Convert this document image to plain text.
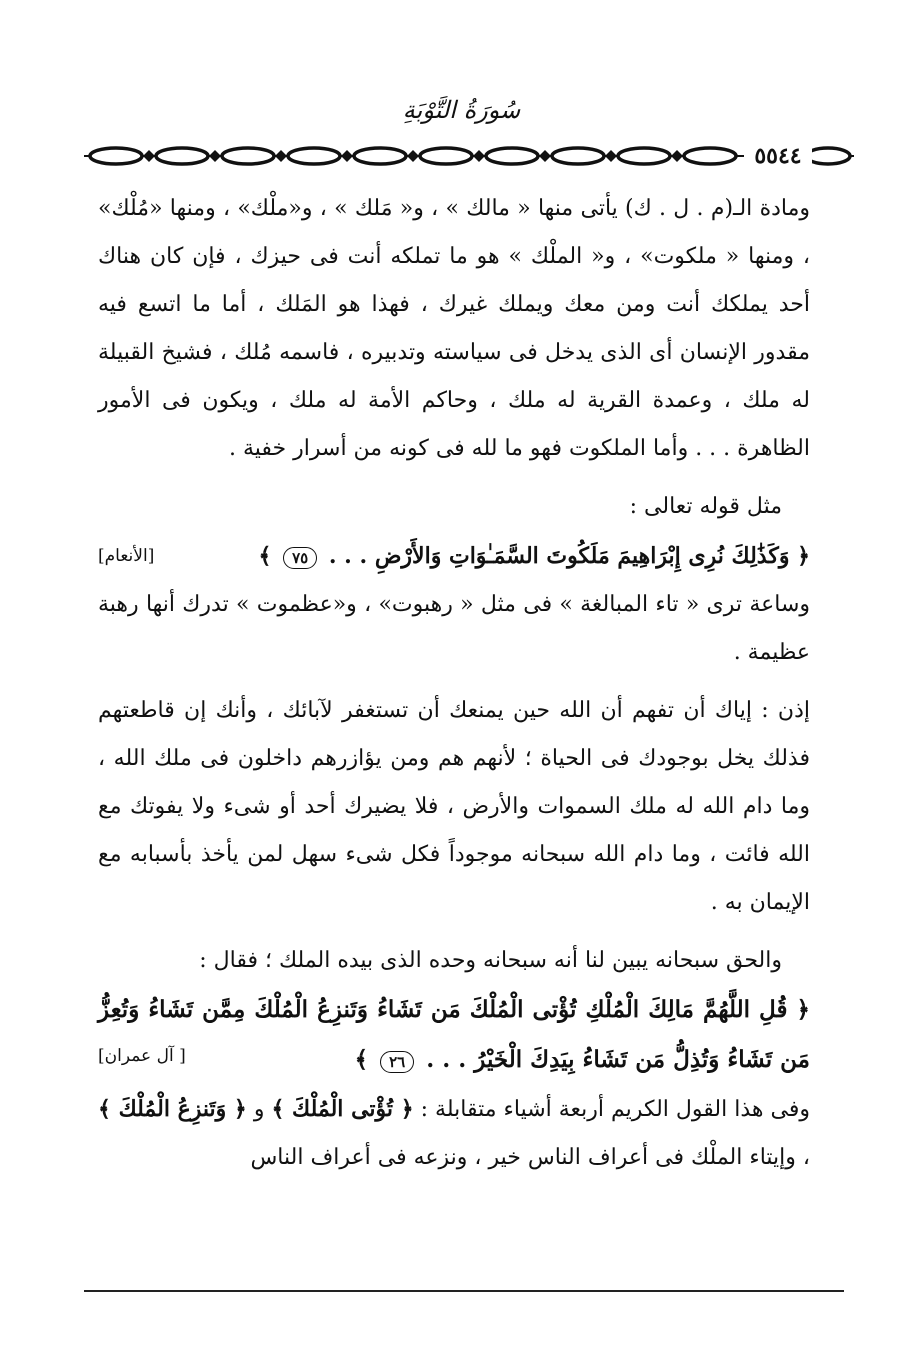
سُورَةُ التَّوْبَةِ
٥٥٤٤

ومادة الـ(م . ل . ك) يأتى منها « مالك » ، و« مَلك » ، و«ملْك» ، ومنها «مُلْك» ، ومنها « ملكوت» ، و« الملْك » هو ما تملكه أنت فى حيزك ، فإن كان هناك أحد يملكك أنت ومن معك ويملك غيرك ، فهذا هو المَلك ، أما ما اتسع فيه مقدور الإنسان أى الذى يدخل فى سياسته وتدبيره ، فاسمه مُلك ، فشيخ القبيلة له ملك ، وعمدة القرية له ملك ، وحاكم الأمة له ملك ، ويكون فى الأمور الظاهرة . . . وأما الملكوت فهو ما لله فى كونه من أسرار خفية .

مثل قوله تعالى :

﴿ وَكَذَٰلِكَ نُرِى إِبْرَاهِيمَ مَلَكُوتَ السَّمَـٰوَاتِ وَالأَرْضِ . . . ٧٥ ﴾
[الأنعام]

وساعة ترى « تاء المبالغة » فى مثل « رهبوت» ، و«عظموت » تدرك أنها رهبة عظيمة .

إذن : إياك أن تفهم أن الله حين يمنعك أن تستغفر لآبائك ، وأنك إن قاطعتهم فذلك يخل بوجودك فى الحياة ؛ لأنهم هم ومن يؤازرهم داخلون فى ملك الله ، وما دام الله له ملك السموات والأرض ، فلا يضيرك أحد أو شىء ولا يفوتك مع الله فائت ، وما دام الله سبحانه موجوداً فكل شىء سهل لمن يأخذ بأسبابه مع الإيمان به .

والحق سبحانه يبين لنا أنه سبحانه وحده الذى بيده الملك ؛ فقال :

﴿ قُلِ اللَّهُمَّ مَالِكَ الْمُلْكِ تُؤْتى الْمُلْكَ مَن تَشَاءُ وَتَنزِعُ الْمُلْكَ مِمَّن تَشَاءُ وَتُعِزُّ مَن تَشَاءُ وَتُذِلُّ مَن تَشَاءُ بِيَدِكَ الْخَيْرُ . . . ٢٦ ﴾
[ آل عمران]

وفى هذا القول الكريم أربعة أشياء متقابلة : ﴿ تُؤْتى الْمُلْكَ ﴾ و ﴿ وَتَنزِعُ الْمُلْكَ ﴾ ، وإيتاء الملْك فى أعراف الناس خير ، ونزعه فى أعراف الناس
